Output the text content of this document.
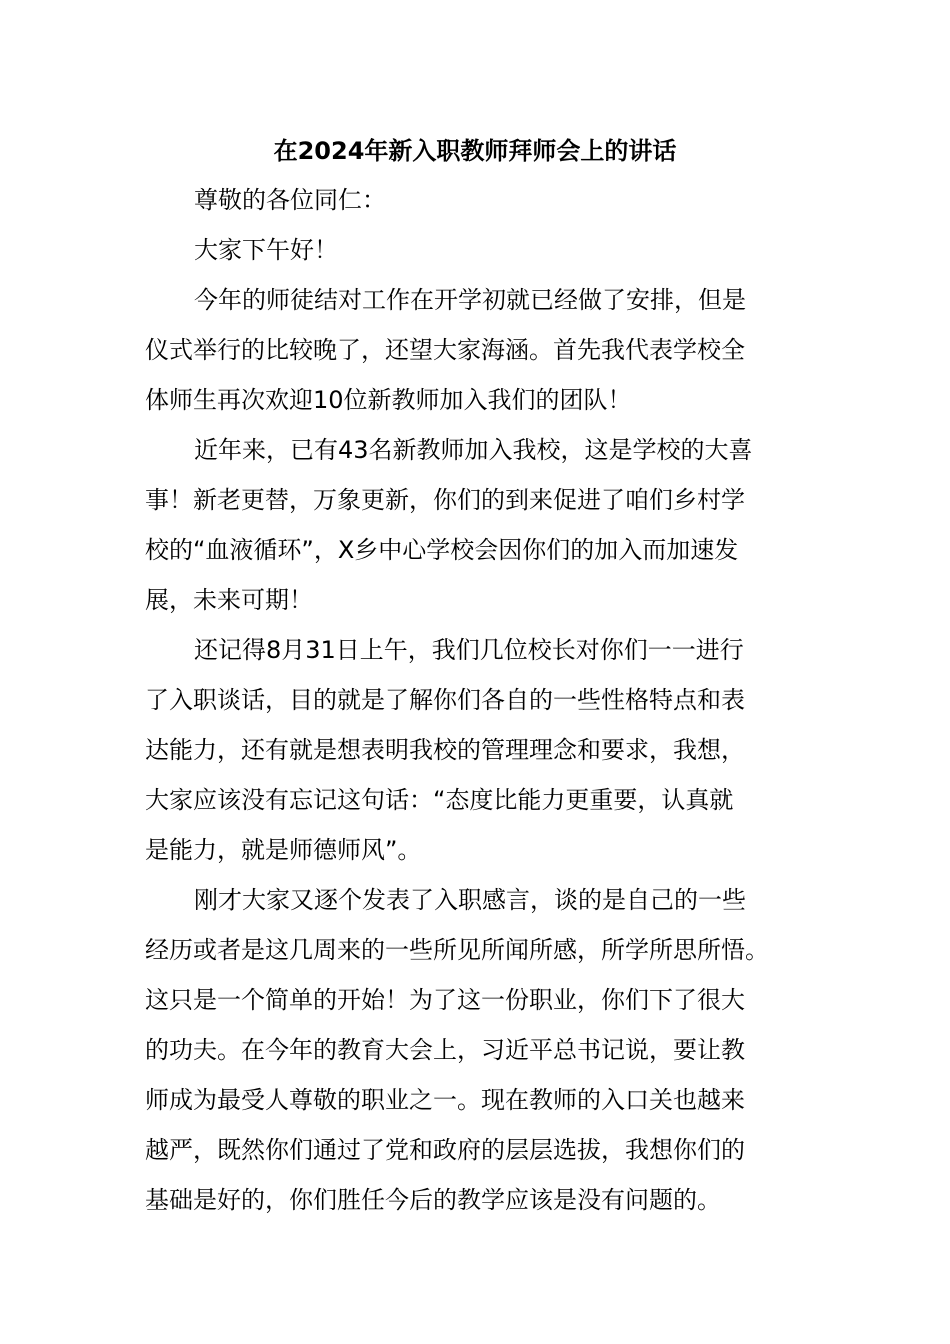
在2024年新入职教师拜师会上的讲话
尊敬的各位同仁：
大家下午好！
今年的师徒结对工作在开学初就已经做了安排，但是
仪式举行的比较晚了，还望大家海涵。首先我代表学校全
体师生再次欢迎10位新教师加入我们的团队！
近年来，已有43名新教师加入我校，这是学校的大喜
事！新老更替，万象更新，你们的到来促进了咱们乡村学
校的“血液循环”，X乡中心学校会因你们的加入而加速发
展，未来可期！
还记得8月31日上午，我们几位校长对你们一一进行
了入职谈话，目的就是了解你们各自的一些性格特点和表
达能力，还有就是想表明我校的管理理念和要求，我想，
大家应该没有忘记这句话：“态度比能力更重要，认真就
是能力，就是师德师风”。
刚才大家又逐个发表了入职感言，谈的是自己的一些
经历或者是这几周来的一些所见所闻所感，所学所思所悟。
这只是一个简单的开始！为了这一份职业，你们下了很大
的功夫。在今年的教育大会上，习近平总书记说，要让教
师成为最受人尊敬的职业之一。现在教师的入口关也越来
越严，既然你们通过了党和政府的层层选拔，我想你们的
基础是好的，你们胜任今后的教学应该是没有问题的。
